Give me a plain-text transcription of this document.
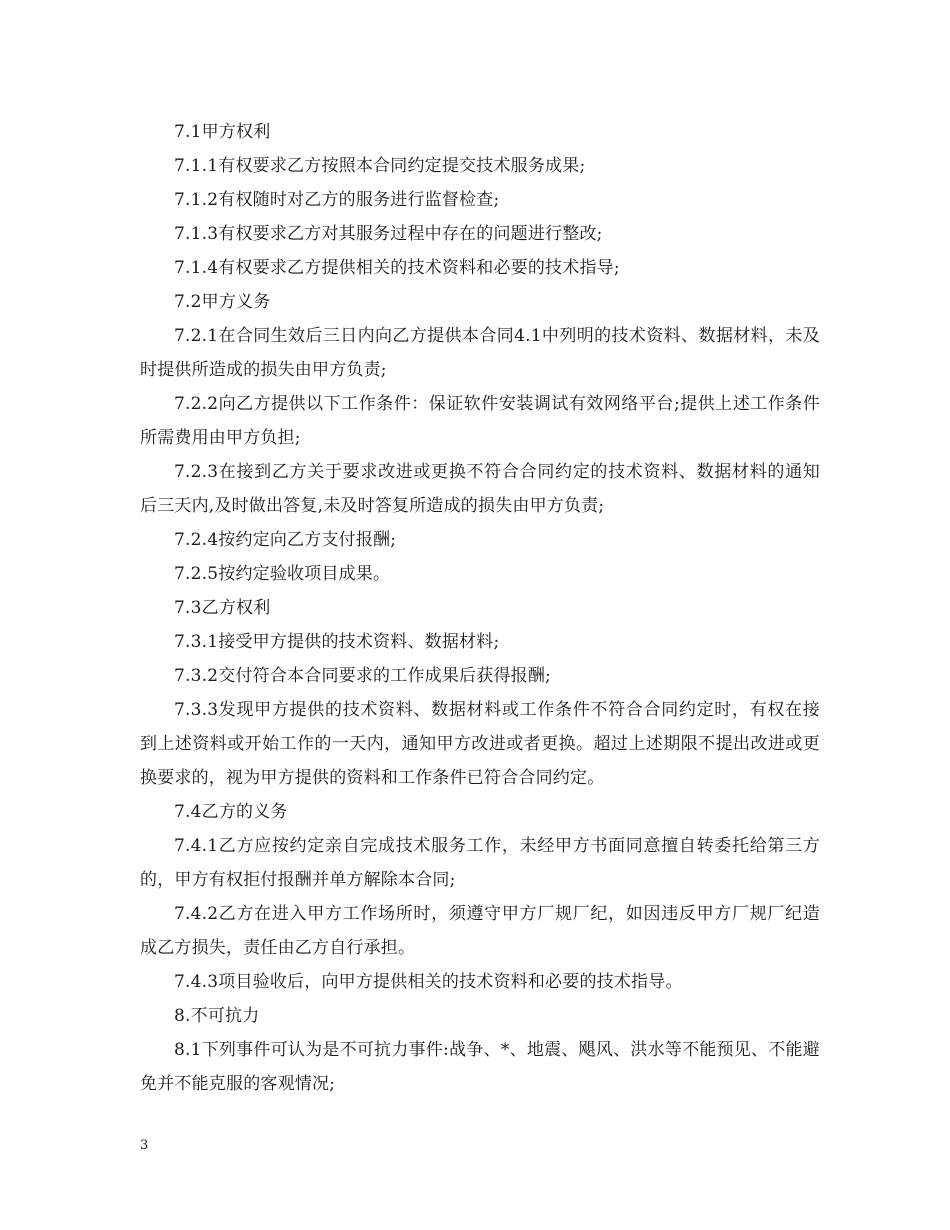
7.1甲方权利

7.1.1有权要求乙方按照本合同约定提交技术服务成果;

7.1.2有权随时对乙方的服务进行监督检查;

7.1.3有权要求乙方对其服务过程中存在的问题进行整改;

7.1.4有权要求乙方提供相关的技术资料和必要的技术指导;

7.2甲方义务

7.2.1在合同生效后三日内向乙方提供本合同4.1中列明的技术资料、数据材料，未及时提供所造成的损失由甲方负责;

7.2.2向乙方提供以下工作条件：保证软件安装调试有效网络平台;提供上述工作条件所需费用由甲方负担;

7.2.3在接到乙方关于要求改进或更换不符合合同约定的技术资料、数据材料的通知后三天内,及时做出答复,未及时答复所造成的损失由甲方负责;

7.2.4按约定向乙方支付报酬;

7.2.5按约定验收项目成果。

7.3乙方权利

7.3.1接受甲方提供的技术资料、数据材料;

7.3.2交付符合本合同要求的工作成果后获得报酬;

7.3.3发现甲方提供的技术资料、数据材料或工作条件不符合合同约定时，有权在接到上述资料或开始工作的一天内，通知甲方改进或者更换。超过上述期限不提出改进或更换要求的，视为甲方提供的资料和工作条件已符合合同约定。

7.4乙方的义务

7.4.1乙方应按约定亲自完成技术服务工作，未经甲方书面同意擅自转委托给第三方的，甲方有权拒付报酬并单方解除本合同;

7.4.2乙方在进入甲方工作场所时，须遵守甲方厂规厂纪，如因违反甲方厂规厂纪造成乙方损失，责任由乙方自行承担。

7.4.3项目验收后，向甲方提供相关的技术资料和必要的技术指导。

8.不可抗力

8.1下列事件可认为是不可抗力事件:战争、*、地震、飓风、洪水等不能预见、不能避免并不能克服的客观情况;

3
